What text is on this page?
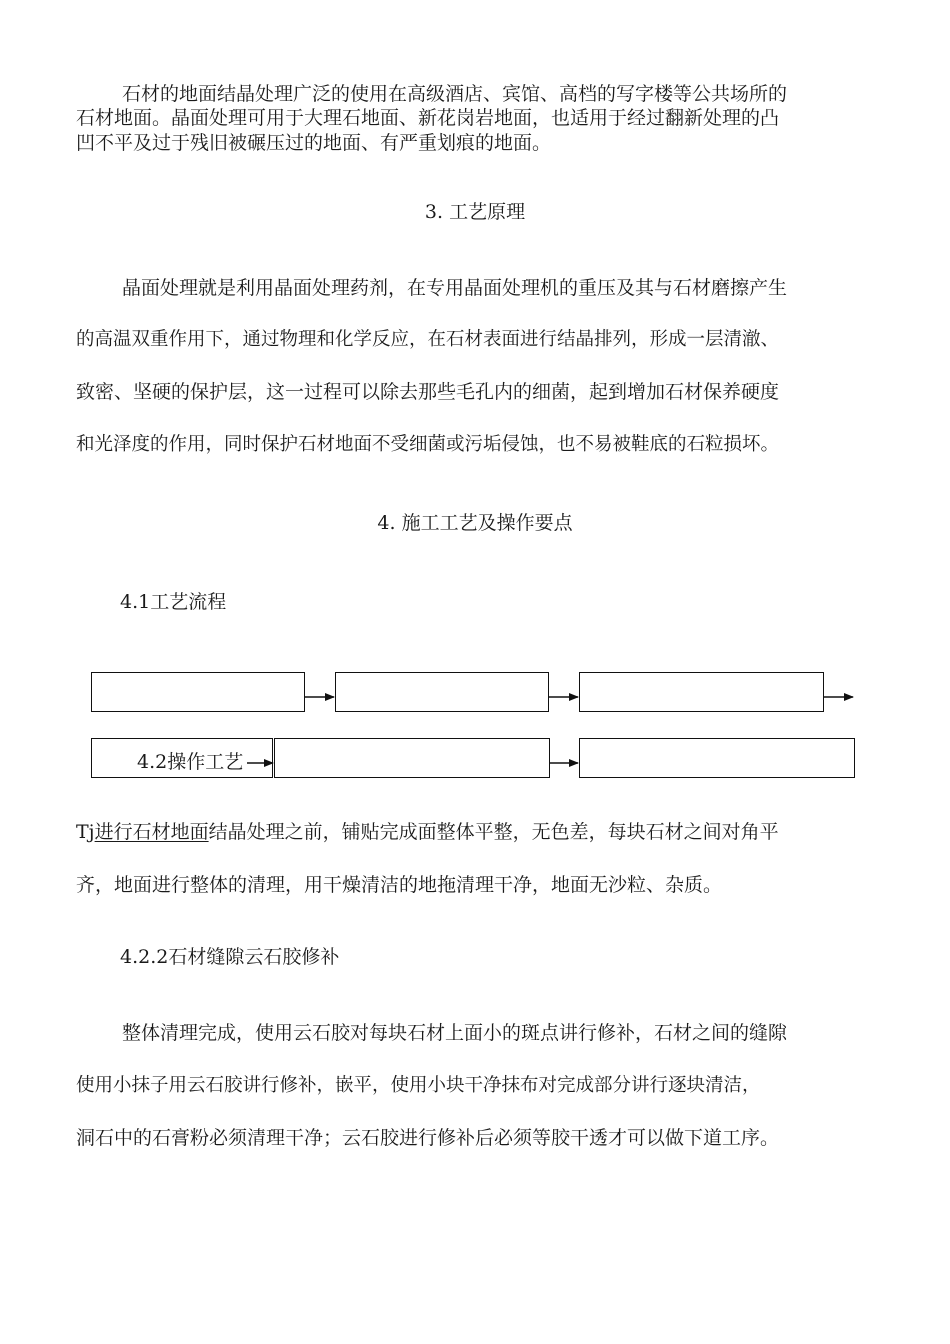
石材的地面结晶处理广泛的使用在高级酒店、宾馆、高档的写字楼等公共场所的
石材地面。晶面处理可用于大理石地面、新花岗岩地面，也适用于经过翻新处理的凸
凹不平及过于残旧被碾压过的地面、有严重划痕的地面。
3. 工艺原理
晶面处理就是利用晶面处理药剂，在专用晶面处理机的重压及其与石材磨擦产生
的高温双重作用下，通过物理和化学反应，在石材表面进行结晶排列，形成一层清澈、
致密、坚硬的保护层，这一过程可以除去那些毛孔内的细菌，起到增加石材保养硬度
和光泽度的作用，同时保护石材地面不受细菌或污垢侵蚀，也不易被鞋底的石粒损坏。
4. 施工工艺及操作要点
4.1工艺流程
4.2操作工艺
Tj进行石材地面结晶处理之前，铺贴完成面整体平整，无色差，每块石材之间对角平
齐，地面进行整体的清理，用干燥清洁的地拖清理干净，地面无沙粒、杂质。
4.2.2石材缝隙云石胶修补
整体清理完成，使用云石胶对每块石材上面小的斑点讲行修补，石材之间的缝隙
使用小抹子用云石胶讲行修补，嵌平，使用小块干净抹布对完成部分讲行逐块清洁，
洞石中的石膏粉必须清理干净；云石胶进行修补后必须等胶干透才可以做下道工序。
